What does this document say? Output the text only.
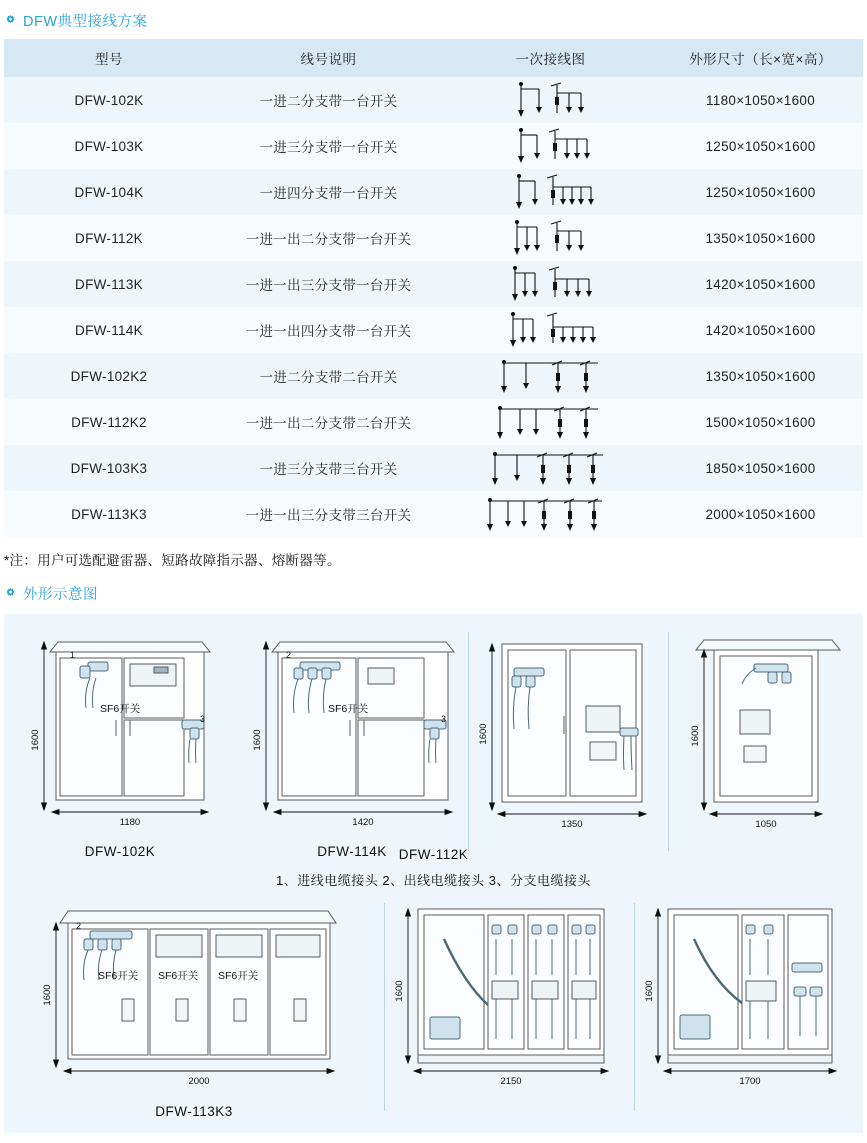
DFW典型接线方案
型号	线号说明	一次接线图	外形尺寸（长×宽×高）
DFW-102K	一进二分支带一台开关		1180×1050×1600
DFW-103K	一进三分支带一台开关		1250×1050×1600
DFW-104K	一进四分支带一台开关		1250×1050×1600
DFW-112K	一进一出二分支带一台开关		1350×1050×1600
DFW-113K	一进一出三分支带一台开关		1420×1050×1600
DFW-114K	一进一出四分支带一台开关		1420×1050×1600
DFW-102K2	一进二分支带二台开关		1350×1050×1600
DFW-112K2	一进一出二分支带二台开关		1500×1050×1600
DFW-103K3	一进三分支带三台开关		1850×1050×1600
DFW-113K3	一进一出三分支带三台开关		2000×1050×1600
*注：用户可选配避雷器、短路故障指示器、熔断器等。
外形示意图
1
3
SF6开关
1600
1180
DFW-102K
2
3
SF6开关
1600
1420
DFW-114K
1600
1350
1600
1050
DFW-112K
1、进线电缆接头 2、出线电缆接头 3、分支电缆接头
2
SF6开关 SF6开关 SF6开关
1600
2000
DFW-113K3
1600
2150
1600
1700
